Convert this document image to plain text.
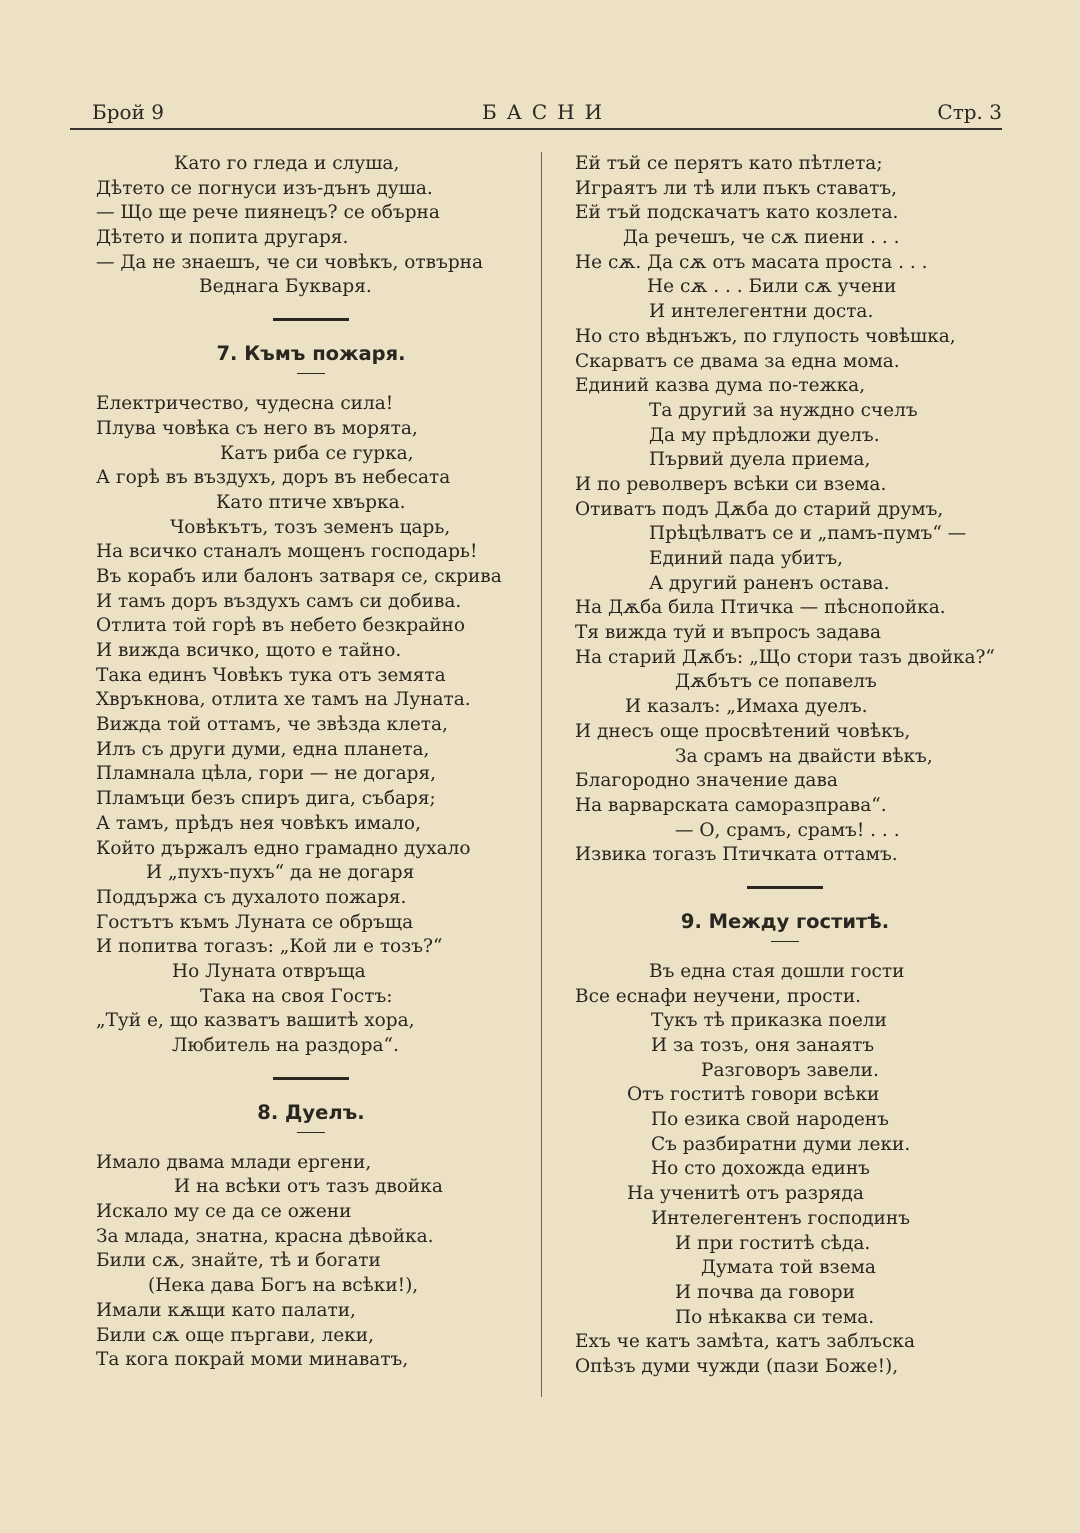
Брой 9	БАСНИ	Стр. 3
Като го гледа и слуша,
Дѣтето се погнуси изъ-дънъ душа.
— Що ще рече пиянецъ? се обърна
Дѣтето и попита другаря.
— Да не знаешъ, че си човѣкъ, отвърна
Веднага Букваря.
7. Къмъ пожаря.
Електричество, чудесна сила!
Плува човѣка съ него въ морята,
Катъ риба се гурка,
А горѣ въ въздухъ, доръ въ небесата
Като птиче хвърка.
Човѣкътъ, тозъ земенъ царь,
На всичко станалъ мощенъ господарь!
Въ корабъ или балонъ затваря се, скрива
И тамъ доръ въздухъ самъ си добива.
Отлита той горѣ въ небето безкрайно
И вижда всичко, щото е тайно.
Така единъ Човѣкъ тука отъ земята
Хвръкнова, отлита хе тамъ на Луната.
Вижда той оттамъ, че звѣзда клета,
Илъ съ други думи, една планета,
Пламнала цѣла, гори — не догаря,
Пламъци безъ спиръ дига, събаря;
А тамъ, прѣдъ нея човѣкъ имало,
Който държалъ едно грамадно духало
И „пухъ-пухъ“ да не догаря
Поддържа съ духалото пожаря.
Гостътъ къмъ Луната се обръща
И попитва тогазъ: „Кой ли е тозъ?“
Но Луната отвръща
Така на своя Гостъ:
„Туй е, що казватъ вашитѣ хора,
Любитель на раздора“.
8. Дуелъ.
Имало двама млади ергени,
И на всѣки отъ тазъ двойка
Искало му се да се ожени
За млада, знатна, красна дѣвойка.
Били сѫ, знайте, тѣ и богати
(Нека дава Богъ на всѣки!),
Имали кѫщи като палати,
Били сѫ още пъргави, леки,
Та кога покрай моми минаватъ,
Ей тъй се перятъ като пѣтлета;
Играятъ ли тѣ или пъкъ ставатъ,
Ей тъй подскачатъ като козлета.
Да речешъ, че сѫ пиени . . .
Не сѫ. Да сѫ отъ масата проста . . .
Не сѫ . . . Били сѫ учени
И интелегентни доста.
Но сто вѣднъжъ, по глупость човѣшка,
Скарватъ се двама за една мома.
Единий казва дума по-тежка,
Та другий за нуждно счелъ
Да му прѣдложи дуелъ.
Първий дуела приема,
И по револверъ всѣки си взема.
Отиватъ подъ Дѫба до старий друмъ,
Прѣцѣлватъ се и „памъ-пумъ“ —
Единий пада убитъ,
А другий раненъ остава.
На Дѫба била Птичка — пѣснопойка.
Тя вижда туй и въпросъ задава
На старий Дѫбъ: „Що стори тазъ двойка?“
Дѫбътъ се попавелъ
И казалъ: „Имаха дуелъ.
И днесъ още просвѣтений човѣкъ,
За срамъ на двайсти вѣкъ,
Благородно значение дава
На варварската саморазправа“.
— О, срамъ, срамъ! . . .
Извика тогазъ Птичката оттамъ.
9. Между гоститѣ.
Въ една стая дошли гости
Все еснафи неучени, прости.
Тукъ тѣ приказка поели
И за тозъ, оня занаятъ
Разговоръ завели.
Отъ гоститѣ говори всѣки
По езика свой народенъ
Съ разбиратни думи леки.
Но сто дохожда единъ
На ученитѣ отъ разряда
Интелегентенъ господинъ
И при гоститѣ сѣда.
Думата той взема
И почва да говори
По нѣкаква си тема.
Ехъ че катъ замѣта, катъ заблъска
Опѣзъ думи чужди (пази Боже!),
